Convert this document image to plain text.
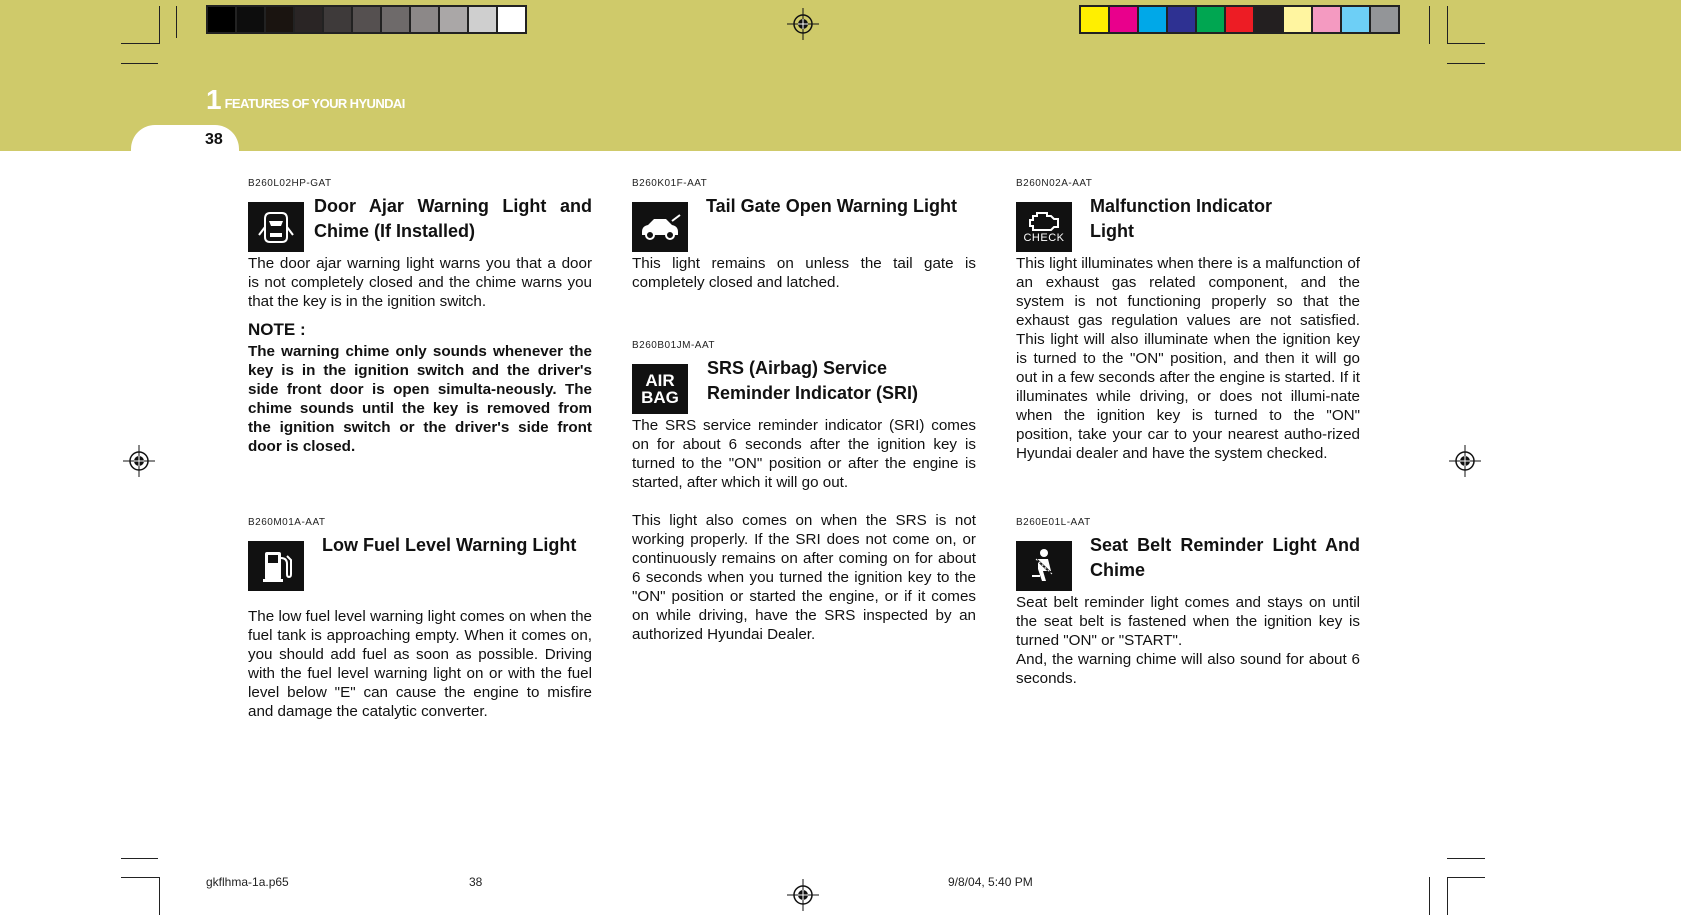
38
1 FEATURES OF YOUR HYUNDAI
B260L02HP-GAT
Door Ajar Warning Light and Chime (If Installed)
The door ajar warning light warns you that a door is not completely closed and the chime warns you that the key is in the ignition switch.
NOTE :
The warning chime only sounds whenever the key is in the ignition switch and the driver's side front door is open simulta-neously. The chime sounds until the key is removed from the ignition switch or the driver's side front door is closed.
B260M01A-AAT
Low Fuel Level Warning Light
The low fuel level warning light comes on when the fuel tank is approaching empty. When it comes on, you should add fuel as soon as possible. Driving with the fuel level warning light on or with the fuel level below "E" can cause the engine to misfire and damage the catalytic converter.
B260K01F-AAT
Tail Gate Open Warning Light
This light remains on unless the tail gate is completely closed and latched.
B260B01JM-AAT
AIR
BAG
SRS (Airbag) Service
Reminder Indicator (SRI)
The SRS service reminder indicator (SRI) comes on for about 6 seconds after the ignition key is turned to the "ON" position or after the engine is started, after which it will go out.
This light also comes on when the SRS is not working properly. If the SRI does not come on, or continuously remains on after coming on for about 6 seconds when you turned the ignition key to the "ON" position or started the engine, or if it comes on while driving, have the SRS inspected by an authorized Hyundai Dealer.
B260N02A-AAT
CHECK
Malfunction Indicator
Light
This light illuminates when there is a malfunction of an exhaust gas related component, and the system is not functioning properly so that the exhaust gas regulation values are not satisfied. This light will also illuminate when the ignition key is turned to the "ON" position, and then it will go out in a few seconds after the engine is started. If it illuminates while driving, or does not illumi-nate when the ignition key is turned to the "ON" position, take your car to your nearest autho-rized Hyundai dealer and have the system checked.
B260E01L-AAT
Seat Belt Reminder Light And Chime
Seat belt reminder light comes and stays on until the seat belt is fastened when the ignition key is turned "ON" or "START".
And, the warning chime will also sound for about 6 seconds.
gkflhma-1a.p65	38	9/8/04, 5:40 PM
